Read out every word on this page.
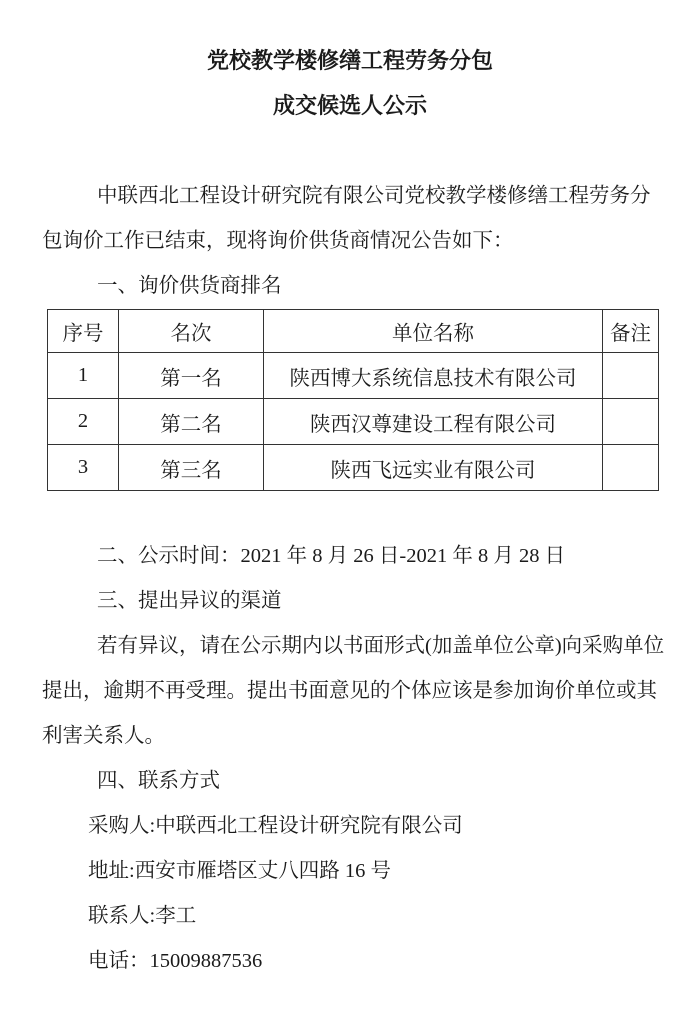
党校教学楼修缮工程劳务分包
成交候选人公示
中联西北工程设计研究院有限公司党校教学楼修缮工程劳务分
包询价工作已结束，现将询价供货商情况公告如下：
一、询价供货商排名
序号	名次	单位名称	备注
1	第一名	陕西博大系统信息技术有限公司	
2	第二名	陕西汉尊建设工程有限公司	
3	第三名	陕西飞远实业有限公司	
二、公示时间：2021 年 8 月 26 日-2021 年 8 月 28 日
三、提出异议的渠道
若有异议，请在公示期内以书面形式(加盖单位公章)向采购单位
提出，逾期不再受理。提出书面意见的个体应该是参加询价单位或其
利害关系人。
四、联系方式
采购人:中联西北工程设计研究院有限公司
地址:西安市雁塔区丈八四路 16 号
联系人:李工
电话：15009887536
